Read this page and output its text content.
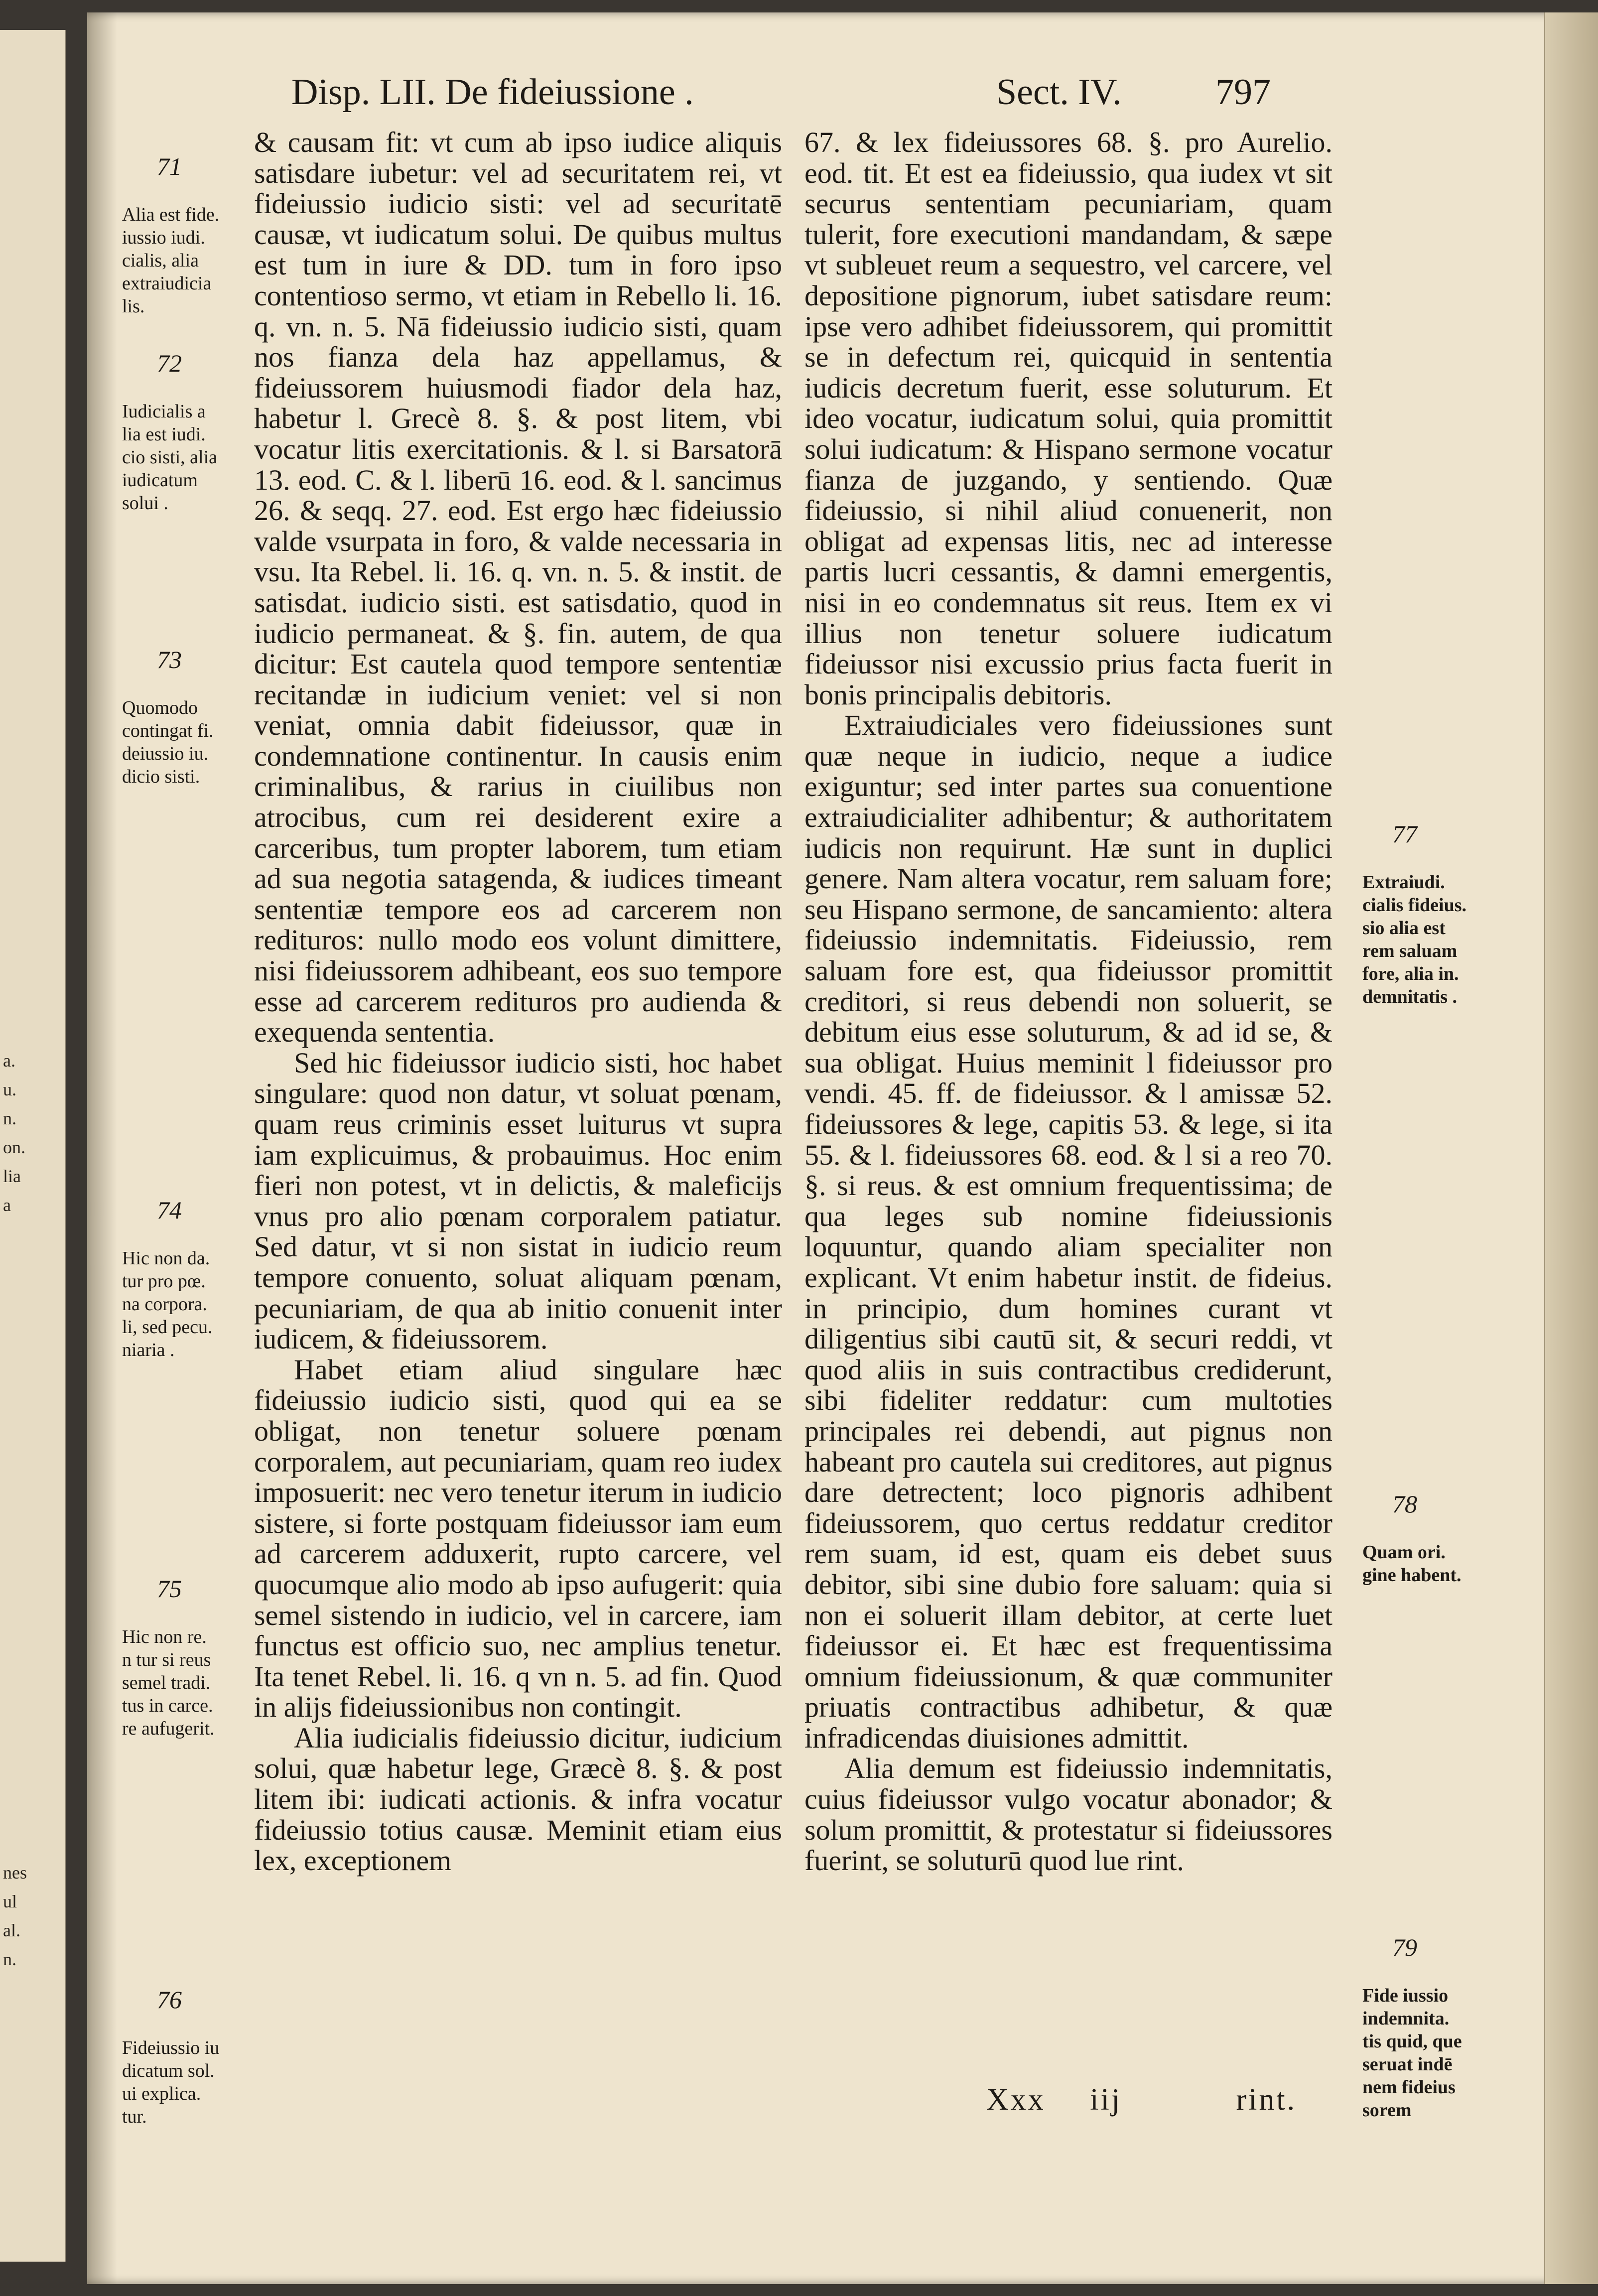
a.
u.
n.
on.
lia
a
nes
ul
al.
n.
Disp. LII. De fideiussione .	Sect. IV.	797

71

Alia est fide.
iussio iudi.
cialis, alia
extraiudicia
lis.

72

Iudicialis a
lia est iudi.
cio sisti, alia
iudicatum
solui .

73

Quomodo
contingat fi.
deiussio iu.
dicio sisti.

74

Hic non da.
tur pro pœ.
na corpora.
li, sed pecu.
niaria .

75

Hic non re.
n tur si reus
semel tradi.
tus in carce.
re aufugerit.

76

Fideiussio iu
dicatum sol.
ui explica.
tur.

& causam fit: vt cum ab ipso iudice aliquis satisdare iubetur: vel ad securitatem rei, vt fideiussio iudicio sisti: vel ad securitatē causæ, vt iudicatum solui. De quibus multus est tum in iure & DD. tum in foro ipso contentioso sermo, vt etiam in Rebello li. 16. q. vn. n. 5. Nā fideiussio iudicio sisti, quam nos fianza dela haz appellamus, & fideiussorem huiusmodi fiador dela haz, habetur l. Grecè 8. §. & post litem, vbi vocatur litis exercitationis. & l. si Barsatorā 13. eod. C. & l. liberū 16. eod. & l. sancimus 26. & seqq. 27. eod. Est ergo hæc fideiussio valde vsurpata in foro, & valde necessaria in vsu. Ita Rebel. li. 16. q. vn. n. 5. & instit. de satisdat. iudicio sisti. est satisdatio, quod in iudicio permaneat. & §. fin. autem, de qua dicitur: Est cautela quod tempore sententiæ recitandæ in iudicium veniet: vel si non veniat, omnia dabit fideiussor, quæ in condemnatione continentur. In causis enim criminalibus, & rarius in ciuilibus non atrocibus, cum rei desiderent exire a carceribus, tum propter laborem, tum etiam ad sua negotia satagenda, & iudices timeant sententiæ tempore eos ad carcerem non redituros: nullo modo eos volunt dimittere, nisi fideiussorem adhibeant, eos suo tempore esse ad carcerem redituros pro audienda & exequenda sententia.

Sed hic fideiussor iudicio sisti, hoc habet singulare: quod non datur, vt soluat pœnam, quam reus criminis esset luiturus vt supra iam explicuimus, & probauimus. Hoc enim fieri non potest, vt in delictis, & maleficijs vnus pro alio pœnam corporalem patiatur. Sed datur, vt si non sistat in iudicio reum tempore conuento, soluat aliquam pœnam, pecuniariam, de qua ab initio conuenit inter iudicem, & fideiussorem.

Habet etiam aliud singulare hæc fideiussio iudicio sisti, quod qui ea se obligat, non tenetur soluere pœnam corporalem, aut pecuniariam, quam reo iudex imposuerit: nec vero tenetur iterum in iudicio sistere, si forte postquam fideiussor iam eum ad carcerem adduxerit, rupto carcere, vel quocumque alio modo ab ipso aufugerit: quia semel sistendo in iudicio, vel in carcere, iam functus est officio suo, nec amplius tenetur. Ita tenet Rebel. li. 16. q vn n. 5. ad fin. Quod in alijs fideiussionibus non contingit.

Alia iudicialis fideiussio dicitur, iudicium solui, quæ habetur lege, Græcè 8. §. & post litem ibi: iudicati actionis. & infra vocatur fideiussio totius causæ. Meminit etiam eius lex, exceptionem

67. & lex fideiussores 68. §. pro Aurelio. eod. tit. Et est ea fideiussio, qua iudex vt sit securus sententiam pecuniariam, quam tulerit, fore executioni mandandam, & sæpe vt subleuet reum a sequestro, vel carcere, vel depositione pignorum, iubet satisdare reum: ipse vero adhibet fideiussorem, qui promittit se in defectum rei, quicquid in sententia iudicis decretum fuerit, esse soluturum. Et ideo vocatur, iudicatum solui, quia promittit solui iudicatum: & Hispano sermone vocatur fianza de juzgando, y sentiendo. Quæ fideiussio, si nihil aliud conuenerit, non obligat ad expensas litis, nec ad interesse partis lucri cessantis, & damni emergentis, nisi in eo condemnatus sit reus. Item ex vi illius non tenetur soluere iudicatum fideiussor nisi excussio prius facta fuerit in bonis principalis debitoris.

Extraiudiciales vero fideiussiones sunt quæ neque in iudicio, neque a iudice exiguntur; sed inter partes sua conuentione extraiudicialiter adhibentur; & authoritatem iudicis non requirunt. Hæ sunt in duplici genere. Nam altera vocatur, rem saluam fore; seu Hispano sermone, de sancamiento: altera fideiussio indemnitatis. Fideiussio, rem saluam fore est, qua fideiussor promittit creditori, si reus debendi non soluerit, se debitum eius esse soluturum, & ad id se, & sua obligat. Huius meminit l fideiussor pro vendi. 45. ff. de fideiussor. & l amissæ 52. fideiussores & lege, capitis 53. & lege, si ita 55. & l. fideiussores 68. eod. & l si a reo 70. §. si reus. & est omnium frequentissima; de qua leges sub nomine fideiussionis loquuntur, quando aliam specialiter non explicant. Vt enim habetur instit. de fideius. in principio, dum homines curant vt diligentius sibi cautū sit, & securi reddi, vt quod aliis in suis contractibus crediderunt, sibi fideliter reddatur: cum multoties principales rei debendi, aut pignus non habeant pro cautela sui creditores, aut pignus dare detrectent; loco pignoris adhibent fideiussorem, quo certus reddatur creditor rem suam, id est, quam eis debet suus debitor, sibi sine dubio fore saluam: quia si non ei soluerit illam debitor, at certe luet fideiussor ei. Et hæc est frequentissima omnium fideiussionum, & quæ communiter priuatis contractibus adhibetur, & quæ infradicendas diuisiones admittit.

Alia demum est fideiussio indemnitatis, cuius fideiussor vulgo vocatur abonador; & solum promittit, & protestatur si fideiussores fuerint, se soluturū quod lue rint.

77

Extraiudi.
cialis fideius.
sio alia est
rem saluam
fore, alia in.
demnitatis .

78

Quam ori.
gine habent.

79

Fide iussio
indemnita.
tis quid, que
seruat indē
nem fideius
sorem

Xxx iij	rint.
